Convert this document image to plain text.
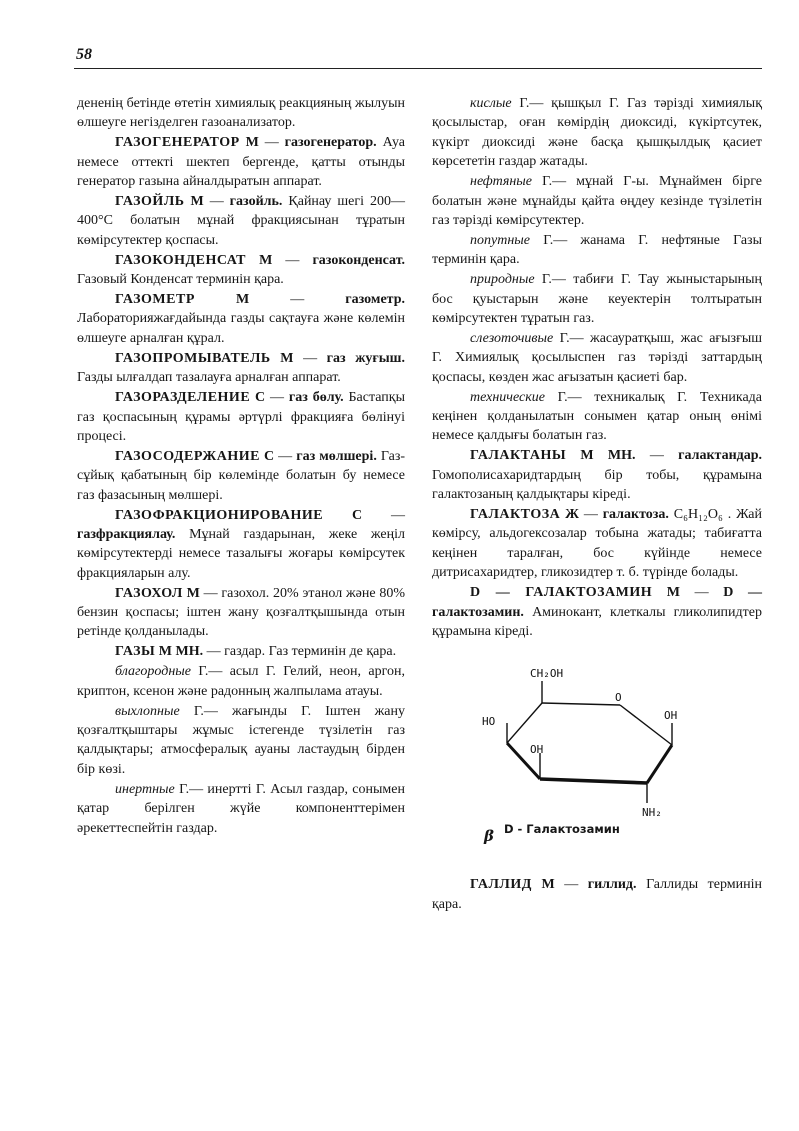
58

дененің бетінде өтетін химиялық реакцияның жылуын өлшеуге негізделген газоанализатор.

ГАЗОГЕНЕРАТОР М — газогенератор. Ауа немесе оттекті шектеп бергенде, қатты отынды генератор газына айналдыратын аппарат.

ГАЗОЙЛЬ М — газойль. Қайнау шегі 200—400°С болатын мұнай фракциясынан тұратын көмірсутектер қоспасы.

ГАЗОКОНДЕНСАТ М — газоконденсат. Газовый Конденсат терминін қара.

ГАЗОМЕТР	М — газометр. Лабораторияжағдайында газды сақтауға және көлемін өлшеуге арналған құрал.

ГАЗОПРОМЫВАТЕЛЬ М — газ жуғыш. Газды ылғалдап тазалауға арналған аппарат.

ГАЗОРАЗДЕЛЕНИЕ С — газ бөлу. Бастапқы газ қоспасының құрамы әртүрлі фракцияға бөлінуі процесі.

ГАЗОСОДЕРЖАНИЕ С — газ мөлшері. Газ-сұйық қабатының бір көлемінде болатын бу немесе газ фазасының мөлшері.

ГАЗОФРАКЦИОНИРОВАНИЕ С — газфракциялау. Мұнай газдарынан, жеке жеңіл көмірсутектерді немесе тазалығы жоғары көмірсутек фракцияларын алу.

ГАЗОХОЛ М — газохол. 20% этанол және 80% бензин қоспасы; іштен жану қозғалтқышында отын ретінде қолданылады.

ГАЗЫ М МН. — газдар. Газ терминін де қара.

благородные Г.— асыл Г. Гелий, неон, аргон, криптон, ксенон және радонның жалпылама атауы.

выхлопные Г.— жағынды Г. Іштен жану қозғалтқыштары жұмыс істегенде түзілетін газ қалдықтары; атмосфералық ауаны ластаудың бірден бір көзі.

инертные Г.— инертті Г. Асыл газдар, сонымен қатар берілген жүйе компоненттерімен әрекеттеспейтін газдар.

кислые Г.— қышқыл Г. Газ тәрізді химиялық қосылыстар, оған көмірдің диоксиді, күкіртсутек, күкірт диоксиді және басқа қышқылдық қасиет көрсететін газдар жатады.

нефтяные Г.— мұнай Г-ы. Мұнаймен бірге болатын және мұнайды қайта өңдеу кезінде түзілетін газ тәрізді көмірсутектер.

попутные Г.— жанама Г. нефтяные Газы терминін қара.

природные Г.— табиғи Г. Тау жыныстарының бос қуыстарын және кеуектерін толтыратын көмірсутектен тұратын газ.

слезоточивые Г.— жасауратқыш, жас ағызғыш Г. Химиялық қосылыспен газ тәрізді заттардың қоспасы, көзден жас ағызатын қасиеті бар.

технические Г.— техникалық Г. Техникада кеңінен қолданылатын сонымен қатар оның өнімі немесе қалдығы болатын газ.

ГАЛАКТАНЫ М МН. — галактандар. Гомополисахаридтардың бір тобы, құрамына галактозаның қалдықтары кіреді.

ГАЛАКТОЗА Ж — галактоза. C₆H₁₂O₆ . Жай көмірсу, альдогексозалар тобына жатады; табиғатта кеңінен таралған, бос күйінде немесе дитрисахаридтер, гликозидтер т. б. түрінде болады.

D — ГАЛАКТОЗАМИН М — D — галактозамин. Аминокант, клеткалы гликолипидтер құрамына кіреді.

CH₂OH
O
OH
HO
OH
NH₂
β D - Галактозамин

ГАЛЛИД М — гиллид. Галлиды терминін қара.
